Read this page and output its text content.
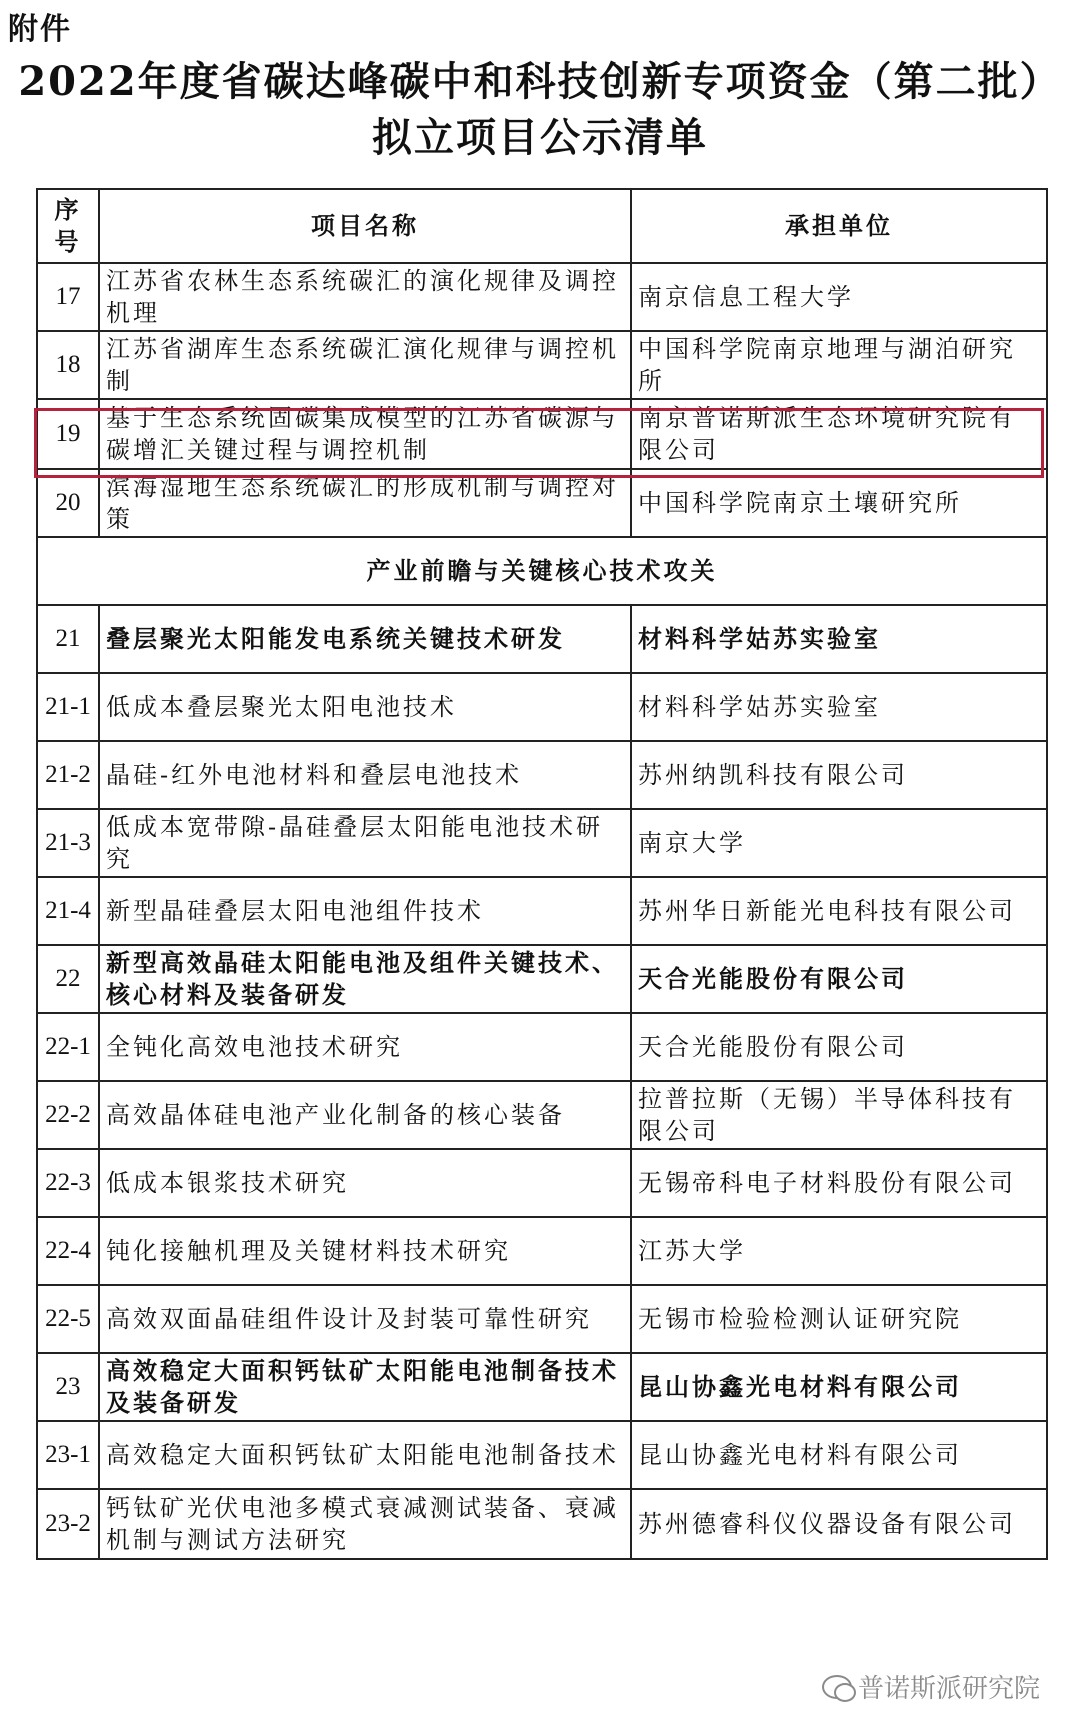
附件
2022年度省碳达峰碳中和科技创新专项资金（第二批）
拟立项目公示清单
序号	项目名称	承担单位
17	江苏省农林生态系统碳汇的演化规律及调控机理	南京信息工程大学
18	江苏省湖库生态系统碳汇演化规律与调控机制	中国科学院南京地理与湖泊研究所
19	基于生态系统固碳集成模型的江苏省碳源与碳增汇关键过程与调控机制	南京普诺斯派生态环境研究院有限公司
20	滨海湿地生态系统碳汇的形成机制与调控对策	中国科学院南京土壤研究所
产业前瞻与关键核心技术攻关		
21	叠层聚光太阳能发电系统关键技术研发	材料科学姑苏实验室
21-1	低成本叠层聚光太阳电池技术	材料科学姑苏实验室
21-2	晶硅-红外电池材料和叠层电池技术	苏州纳凯科技有限公司
21-3	低成本宽带隙-晶硅叠层太阳能电池技术研究	南京大学
21-4	新型晶硅叠层太阳电池组件技术	苏州华日新能光电科技有限公司
22	新型高效晶硅太阳能电池及组件关键技术、核心材料及装备研发	天合光能股份有限公司
22-1	全钝化高效电池技术研究	天合光能股份有限公司
22-2	高效晶体硅电池产业化制备的核心装备	拉普拉斯（无锡）半导体科技有限公司
22-3	低成本银浆技术研究	无锡帝科电子材料股份有限公司
22-4	钝化接触机理及关键材料技术研究	江苏大学
22-5	高效双面晶硅组件设计及封装可靠性研究	无锡市检验检测认证研究院
23	高效稳定大面积钙钛矿太阳能电池制备技术及装备研发	昆山协鑫光电材料有限公司
23-1	高效稳定大面积钙钛矿太阳能电池制备技术	昆山协鑫光电材料有限公司
23-2	钙钛矿光伏电池多模式衰减测试装备、衰减机制与测试方法研究	苏州德睿科仪仪器设备有限公司
普诺斯派研究院
